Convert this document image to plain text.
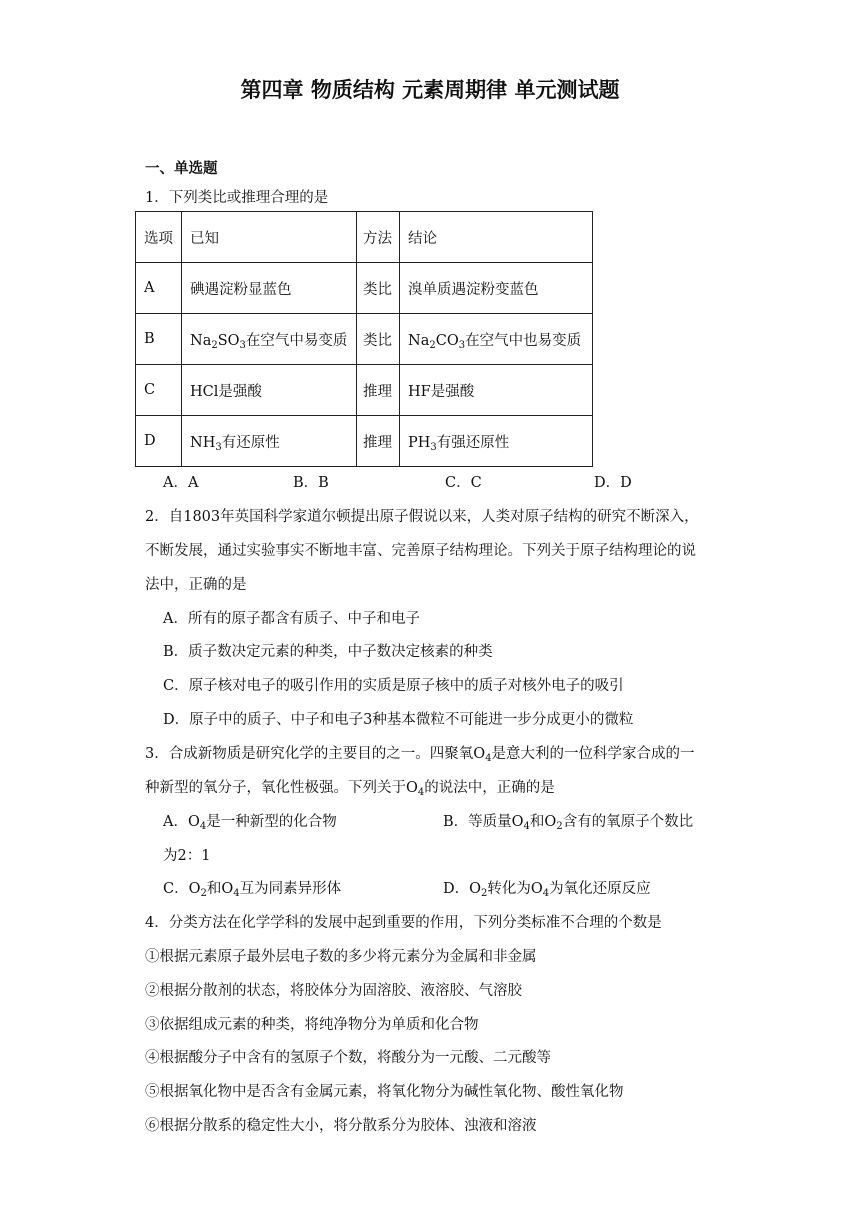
第四章 物质结构 元素周期律 单元测试题
一、单选题
1．下列类比或推理合理的是
选项	已知	方法	结论
A	碘遇淀粉显蓝色	类比	溴单质遇淀粉变蓝色
B	$Na_2SO_3$在空气中易变质	类比	$Na_2CO_3$在空气中也易变质
C	HCl是强酸	推理	HF是强酸
D	$NH_3$有还原性	推理	$PH_3$有强还原性
A．A	B．B	C．C	D．D
2．自1803年英国科学家道尔顿提出原子假说以来，人类对原子结构的研究不断深入，
不断发展，通过实验事实不断地丰富、完善原子结构理论。下列关于原子结构理论的说
法中，正确的是
A．所有的原子都含有质子、中子和电子
B．质子数决定元素的种类，中子数决定核素的种类
C．原子核对电子的吸引作用的实质是原子核中的质子对核外电子的吸引
D．原子中的质子、中子和电子3种基本微粒不可能进一步分成更小的微粒
3．合成新物质是研究化学的主要目的之一。四聚氧$O_4$是意大利的一位科学家合成的一
种新型的氧分子，氧化性极强。下列关于$O_4$的说法中，正确的是
A．$O_4$是一种新型的化合物	B．等质量$O_4$和$O_2$含有的氧原子个数比
为2：1
C．$O_2$和$O_4$互为同素异形体	D．$O_2$转化为$O_4$为氧化还原反应
4．分类方法在化学学科的发展中起到重要的作用，下列分类标准不合理的个数是
①根据元素原子最外层电子数的多少将元素分为金属和非金属
②根据分散剂的状态，将胶体分为固溶胶、液溶胶、气溶胶
③依据组成元素的种类，将纯净物分为单质和化合物
④根据酸分子中含有的氢原子个数，将酸分为一元酸、二元酸等
⑤根据氧化物中是否含有金属元素，将氧化物分为碱性氧化物、酸性氧化物
⑥根据分散系的稳定性大小，将分散系分为胶体、浊液和溶液
